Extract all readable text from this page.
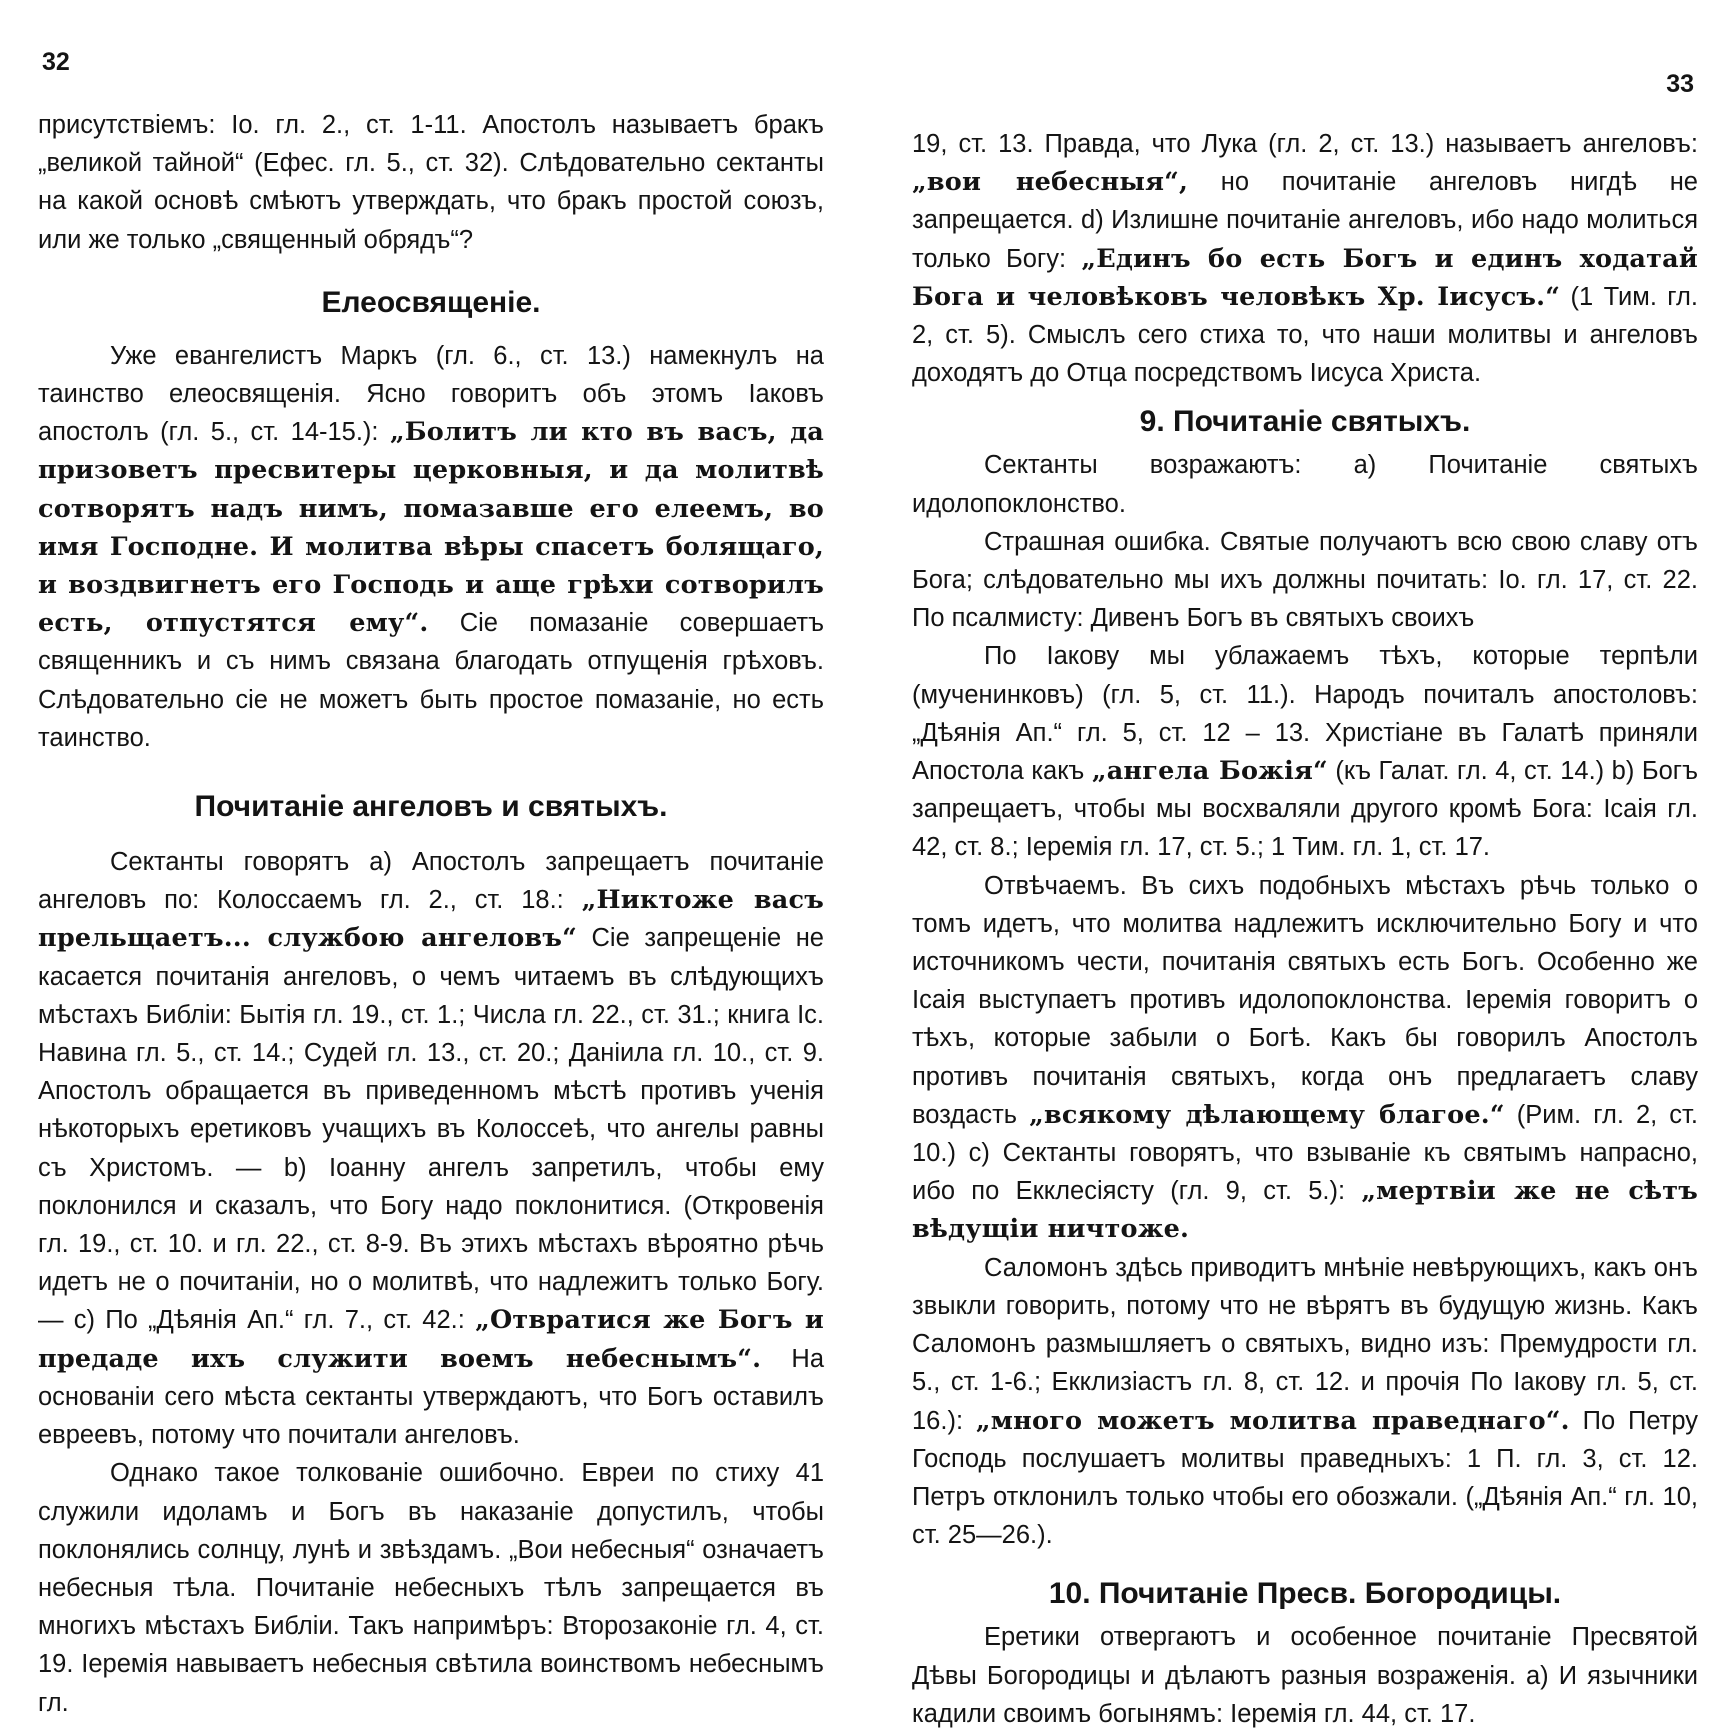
32

присутствіемъ: Іо. гл. 2., ст. 1-11. Апостолъ называетъ бракъ „великой тайной“ (Ефес. гл. 5., ст. 32). Слѣдовательно сектанты на какой основѣ смѣютъ утверждать, что бракъ простой союзъ, или же только „священный обрядъ“?

Елеосвященіе.

Уже евангелистъ Маркъ (гл. 6., ст. 13.) намекнулъ на таинство елеосвященія. Ясно говоритъ объ этомъ Іаковъ апостолъ (гл. 5., ст. 14-15.): „Болитъ ли кто въ васъ, да призоветъ пресвитеры церковныя, и да молитвѣ сотворятъ надъ нимъ, помазавше его елеемъ, во имя Господне. И молитва вѣры спасетъ болящаго, и воздвигнетъ его Господь и аще грѣхи сотворилъ есть, отпустятся ему“. Сіе помазаніе совершаетъ священникъ и съ нимъ связана благодать отпущенія грѣховъ. Слѣдовательно сіе не можетъ быть простое помазаніе, но есть таинство.

Почитаніе ангеловъ и святыхъ.

Сектанты говорятъ a) Апостолъ запрещаетъ почитаніе ангеловъ по: Колоссаемъ гл. 2., ст. 18.: „Никтоже васъ прельщаетъ... службою ангеловъ“ Сіе запрещеніе не касается почитанія ангеловъ, о чемъ читаемъ въ слѣдующихъ мѣстахъ Библіи: Бытія гл. 19., ст. 1.; Числа гл. 22., ст. 31.; книга Іс. Навина гл. 5., ст. 14.; Судей гл. 13., ст. 20.; Даніила гл. 10., ст. 9. Апостолъ обращается въ приведенномъ мѣстѣ противъ ученія нѣкоторыхъ еретиковъ учащихъ въ Колоссеѣ, что ангелы равны съ Христомъ. — b) Іоанну ангелъ запретилъ, чтобы ему поклонился и сказалъ, что Богу надо поклонитися. (Откровенія гл. 19., ст. 10. и гл. 22., ст. 8-9. Въ этихъ мѣстахъ вѣроятно рѣчь идетъ не о почитаніи, но о молитвѣ, что надлежитъ только Богу. — c) По „Дѣянія Ап.“ гл. 7., ст. 42.: „Отвратися же Богъ и предаде ихъ служити воемъ небеснымъ“. На основаніи сего мѣста сектанты утверждаютъ, что Богъ оставилъ евреевъ, потому что почитали ангеловъ.

Однако такое толкованіе ошибочно. Евреи по стиху 41 служили идоламъ и Богъ въ наказаніе допустилъ, чтобы поклонялись солнцу, лунѣ и звѣздамъ. „Вои небесныя“ означаетъ небесныя тѣла. Почитаніе небесныхъ тѣлъ запрещается въ многихъ мѣстахъ Библіи. Такъ напримѣръ: Второзаконіе гл. 4, ст. 19. Іеремія навываетъ небесныя свѣтила воинствомъ небеснымъ гл.

33

19, ст. 13. Правда, что Лука (гл. 2, ст. 13.) называетъ ангеловъ: „вои небесныя“, но почитаніе ангеловъ нигдѣ не запрещается. d) Излишне почитаніе ангеловъ, ибо надо молиться только Богу: „Единъ бо есть Богъ и единъ ходатай Бога и человѣковъ человѣкъ Хр. Іисусъ.“ (1 Тим. гл. 2, ст. 5). Смыслъ сего стиха то, что наши молитвы и ангеловъ доходятъ до Отца посредствомъ Іисуса Христа.

9. Почитаніе святыхъ.

Сектанты возражаютъ: a) Почитаніе святыхъ идолопоклонство.

Страшная ошибка. Святые получаютъ всю свою славу отъ Бога; слѣдовательно мы ихъ должны почитать: Іо. гл. 17, ст. 22. По псалмисту: Дивенъ Богъ въ святыхъ своихъ

По Іакову мы ублажаемъ тѣхъ, которые терпѣли (мученинковъ) (гл. 5, ст. 11.). Народъ почиталъ апостоловъ: „Дѣянія Ап.“ гл. 5, ст. 12 – 13. Христіане въ Галатѣ приняли Апостола какъ „ангела Божія“ (къ Галат. гл. 4, ст. 14.) b) Богъ запрещаетъ, чтобы мы восхваляли другого кромѣ Бога: Ісаія гл. 42, ст. 8.; Іеремія гл. 17, ст. 5.; 1 Тим. гл. 1, ст. 17.

Отвѣчаемъ. Въ сихъ подобныхъ мѣстахъ рѣчь только о томъ идетъ, что молитва надлежитъ исключительно Богу и что источникомъ чести, почитанія святыхъ есть Богъ. Особенно же Ісаія выступаетъ противъ идолопоклонства. Іеремія говоритъ о тѣхъ, которые забыли о Богѣ. Какъ бы говорилъ Апостолъ противъ почитанія святыхъ, когда онъ предлагаетъ славу воздасть „всякому дѣлающему благое.“ (Рим. гл. 2, ст. 10.) c) Сектанты говорятъ, что взываніе къ святымъ напрасно, ибо по Екклесіясту (гл. 9, ст. 5.): „мертвіи же не сѣтъ вѣдущіи ничтоже.

Саломонъ здѣсь приводитъ мнѣніе невѣрующихъ, какъ онъ звыкли говорить, потому что не вѣрятъ въ будущую жизнь. Какъ Саломонъ размышляетъ о святыхъ, видно изъ: Премудрости гл. 5., ст. 1-6.; Екклизіастъ гл. 8, ст. 12. и прочія По Іакову гл. 5, ст. 16.): „много можетъ молитва праведнаго“. По Петру Господь послушаетъ молитвы праведныхъ: 1 П. гл. 3, ст. 12. Петръ отклонилъ только чтобы его обозжали. („Дѣянія Ап.“ гл. 10, ст. 25—26.).

10. Почитаніе Пресв. Богородицы.

Еретики отвергаютъ и особенное почитаніе Пресвятой Дѣвы Богородицы и дѣлаютъ разныя возраженія. a) И язычники кадили своимъ богынямъ: Іеремія гл. 44, ст. 17.
